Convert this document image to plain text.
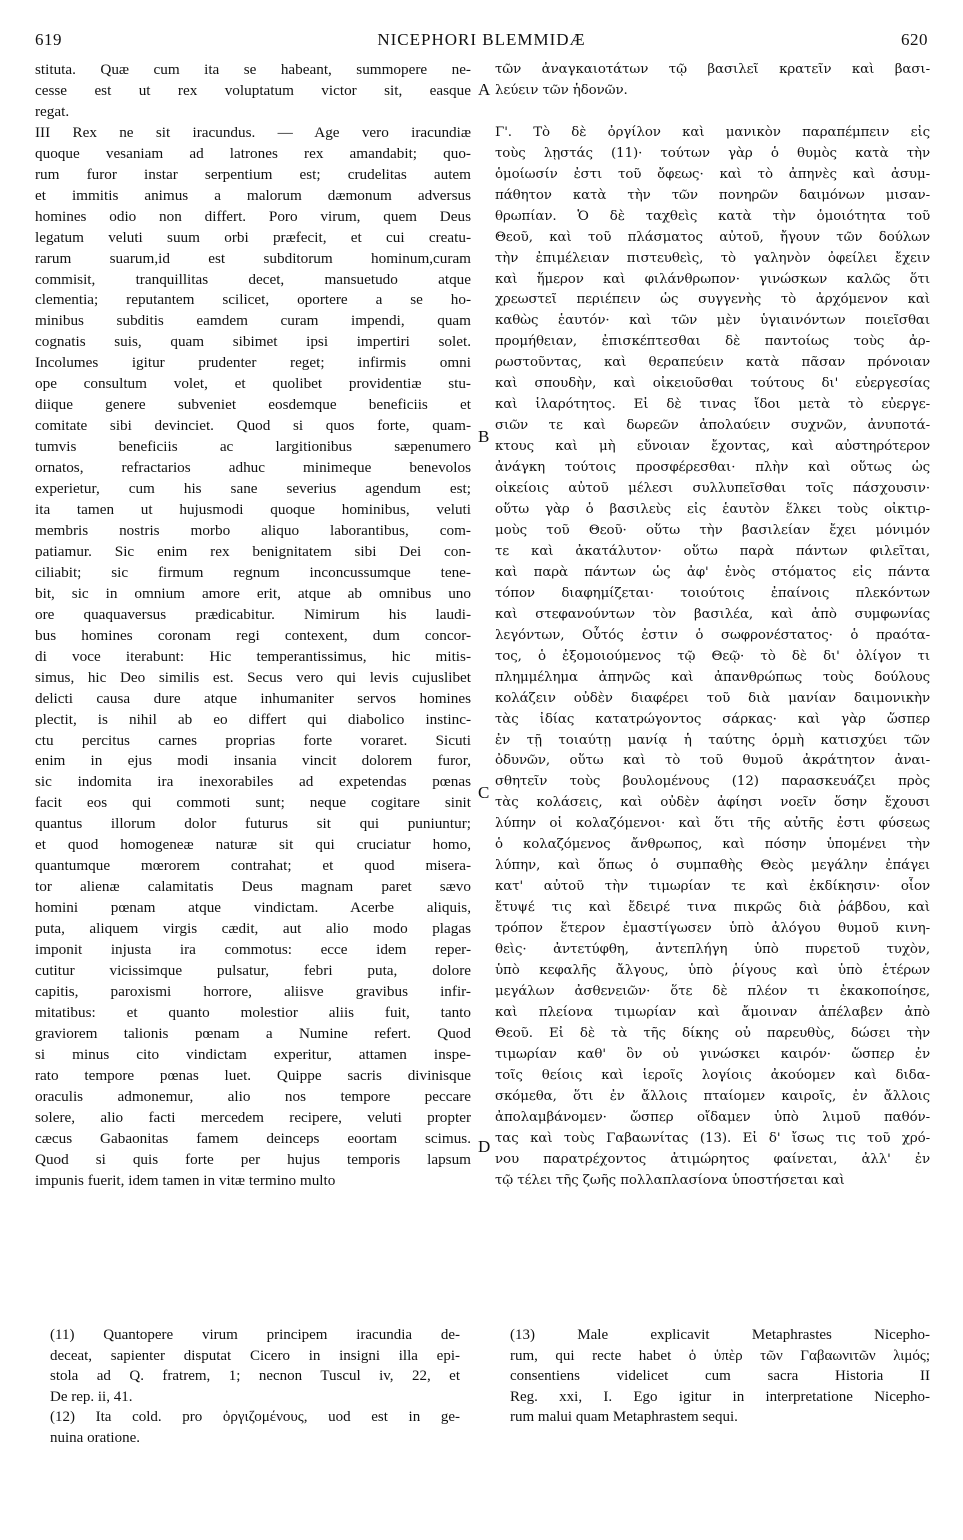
619	NICEPHORI BLEMMIDÆ	620
stituta. Quæ cum ita se habeant, summopere ne-
cesse est ut rex voluptatum victor sit, easque
regat.
III Rex ne sit iracundus. — Age vero iracundiæ
quoque vesaniam ad latrones rex amandabit; quo-
rum furor instar serpentium est; crudelitas autem
et immitis animus a malorum dæmonum adversus
homines odio non differt. Poro virum, quem Deus
legatum veluti suum orbi præfecit, et cui creatu-
rarum suarum,id est subditorum hominum,curam
commisit, tranquillitas decet, mansuetudo atque
clementia; reputantem scilicet, oportere a se ho-
minibus subditis eamdem curam impendi, quam
cognatis suis, quam sibimet ipsi impertiri solet.
Incolumes igitur prudenter reget; infirmis omni
ope consultum volet, et quolibet providentiæ stu-
diique genere subveniet eosdemque beneficiis et
comitate sibi devinciet. Quod si quos forte, quam-
tumvis beneficiis ac largitionibus sæpenumero
ornatos, refractarios adhuc minimeque benevolos
experietur, cum his sane severius agendum est;
ita tamen ut hujusmodi quoque hominibus, veluti
membris nostris morbo aliquo laborantibus, com-
patiamur. Sic enim rex benignitatem sibi Dei con-
ciliabit; sic firmum regnum inconcussumque tene-
bit, sic in omnium amore erit, atque ab omnibus uno
ore quaquaversus prædicabitur. Nimirum his laudi-
bus homines coronam regi contexent, dum concor-
di voce iterabunt: Hic temperantissimus, hic mitis-
simus, hic Deo similis est. Secus vero qui levis cujuslibet
delicti causa dure atque inhumaniter servos homines
plectit, is nihil ab eo differt qui diabolico instinc-
ctu percitus carnes proprias forte voraret. Sicuti
enim in ejus modi insania vincit dolorem furor,
sic indomita ira inexorabiles ad expetendas pœnas
facit eos qui commoti sunt; neque cogitare sinit
quantus illorum dolor futurus sit qui puniuntur;
et quod homogeneæ naturæ sit qui cruciatur homo,
quantumque mœrorem contrahat; et quod misera-
tor alienæ calamitatis Deus magnam paret sævo
homini pœnam atque vindictam. Acerbe aliquis,
puta, aliquem virgis cædit, aut alio modo plagas
imponit injusta ira commotus: ecce idem reper-
cutitur vicissimque pulsatur, febri puta, dolore
capitis, paroxismi horrore, aliisve gravibus infir-
mitatibus: et quanto molestior aliis fuit, tanto
graviorem talionis pœnam a Numine refert. Quod
si minus cito vindictam experitur, attamen inspe-
rato tempore pœnas luet. Quippe sacris divinisque
oraculis admonemur, alio nos tempore peccare
solere, alio facti mercedem recipere, veluti propter
cæcus Gabaonitas famem deinceps eoortam scimus.
Quod si quis forte per hujus temporis lapsum
impunis fuerit, idem tamen in vitæ termino multo
τῶν ἀναγκαιοτάτων τῷ βασιλεῖ κρατεῖν καὶ βασι-
λεύειν τῶν ἡδονῶν.

Γ'. Τὸ δὲ ὀργίλον καὶ μανικὸν παραπέμπειν εἰς
τοὺς λῃστάς (11)· τούτων γὰρ ὁ θυμὸς κατὰ τὴν
ὁμοίωσίν ἐστι τοῦ ὄφεως· καὶ τὸ ἀπηνὲς καὶ ἀσυμ-
πάθητον κατὰ τὴν τῶν πονηρῶν δαιμόνων μισαν-
θρωπίαν. Ὁ δὲ ταχθεὶς κατὰ τὴν ὁμοιότητα τοῦ
Θεοῦ, καὶ τοῦ πλάσματος αὐτοῦ, ἤγουν τῶν δούλων
τὴν ἐπιμέλειαν πιστευθεὶς, τὸ γαληνὸν ὀφείλει ἔχειν
καὶ ἥμερον καὶ φιλάνθρωπον· γινώσκων καλῶς ὅτι
χρεωστεῖ περιέπειν ὡς συγγενὴς τὸ ἀρχόμενον καὶ
καθὼς ἑαυτόν· καὶ τῶν μὲν ὑγιαινόντων ποιεῖσθαι
προμήθειαν, ἐπισκέπτεσθαι δὲ παντοίως τοὺς ἀρ-
ρωστοῦντας, καὶ θεραπεύειν κατὰ πᾶσαν πρόνοιαν
καὶ σπουδὴν, καὶ οἰκειοῦσθαι τούτους δι' εὐεργεσίας
καὶ ἱλαρότητος. Εἰ δὲ τινας ἴδοι μετὰ τὸ εὐεργε-
σιῶν τε καὶ δωρεῶν ἀπολαύειν συχνῶν, ἀνυποτά-
κτους καὶ μὴ εὔνοιαν ἔχοντας, καὶ αὐστηρότερον
ἀνάγκη τούτοις προσφέρεσθαι· πλὴν καὶ οὕτως ὡς
οἰκείοις αὐτοῦ μέλεσι συλλυπεῖσθαι τοῖς πάσχουσιν·
οὕτω γὰρ ὁ βασιλεὺς εἰς ἑαυτὸν ἕλκει τοὺς οἰκτιρ-
μοὺς τοῦ Θεοῦ· οὕτω τὴν βασιλείαν ἔχει μόνιμόν
τε καὶ ἀκατάλυτον· οὕτω παρὰ πάντων φιλεῖται,
καὶ παρὰ πάντων ὡς ἀφ' ἑνὸς στόματος εἰς πάντα
τόπον διαφημίζεται· τοιούτοις ἐπαίνοις πλεκόντων
καὶ στεφανούντων τὸν βασιλέα, καὶ ἀπὸ συμφωνίας
λεγόντων, Οὗτός ἐστιν ὁ σωφρονέστατος· ὁ πραότα-
τος, ὁ ἐξομοιούμενος τῷ Θεῷ· τὸ δὲ δι' ὀλίγον τι
πλημμέλημα ἀπηνῶς καὶ ἀπανθρώπως τοὺς δούλους
κολάζειν οὐδὲν διαφέρει τοῦ διὰ μανίαν δαιμονικὴν
τὰς ἰδίας κατατρώγοντος σάρκας· καὶ γὰρ ὥσπερ
ἐν τῇ τοιαύτῃ μανίᾳ ἡ ταύτης ὁρμὴ κατισχύει τῶν
ὀδυνῶν, οὕτω καὶ τὸ τοῦ θυμοῦ ἀκράτητον ἀναι-
σθητεῖν τοὺς βουλομένους (12) παρασκευάζει πρὸς
τὰς κολάσεις, καὶ οὐδὲν ἀφίησι νοεῖν ὅσην ἔχουσι
λύπην οἱ κολαζόμενοι· καὶ ὅτι τῆς αὐτῆς ἐστι φύσεως
ὁ κολαζόμενος ἄνθρωπος, καὶ πόσην ὑπομένει τὴν
λύπην, καὶ ὅπως ὁ συμπαθὴς Θεὸς μεγάλην ἐπάγει
κατ' αὐτοῦ τὴν τιμωρίαν τε καὶ ἐκδίκησιν· οἷον
ἔτυψέ τις καὶ ἔδειρέ τινα πικρῶς διὰ ῥάβδου, καὶ
τρόπον ἕτερον ἐμαστίγωσεν ὑπὸ ἀλόγου θυμοῦ κινη-
θεὶς· ἀντετύφθη, ἀντεπλήγη ὑπὸ πυρετοῦ τυχὸν,
ὑπὸ κεφαλῆς ἄλγους, ὑπὸ ῥίγους καὶ ὑπὸ ἑτέρων
μεγάλων ἀσθενειῶν· ὅτε δὲ πλέον τι ἐκακοποίησε,
καὶ πλείονα τιμωρίαν καὶ ἄμοιναν ἀπέλαβεν ἀπὸ
Θεοῦ. Εἰ δὲ τὰ τῆς δίκης οὐ παρευθὺς, δώσει τὴν
τιμωρίαν καθ' ὃν οὐ γινώσκει καιρόν· ὥσπερ ἐν
τοῖς θείοις καὶ ἱεροῖς λογίοις ἀκούομεν καὶ διδα-
σκόμεθα, ὅτι ἐν ἄλλοις πταίομεν καιροῖς, ἐν ἄλλοις
ἀπολαμβάνομεν· ὥσπερ οἴδαμεν ὑπὸ λιμοῦ παθόν-
τας καὶ τοὺς Γαβαωνίτας (13). Εἰ δ' ἴσως τις τοῦ χρό-
νου παρατρέχοντος ἀτιμώρητος φαίνεται, ἀλλ' ἐν
τῷ τέλει τῆς ζωῆς πολλαπλασίονα ὑποστήσεται καὶ
A
B
C
D
(11) Quantopere virum principem iracundia de-
deceat, sapienter disputat Cicero in insigni illa epi-
stola ad Q. fratrem, 1; necnon Tuscul iv, 22, et
De rep. ii, 41.
(12) Ita cold. pro ὀργιζομένους, uod est in ge-
nuina oratione.
(13) Male explicavit Metaphrastes Nicepho-
rum, qui recte habet ὁ ὑπὲρ τῶν Γαβαωνιτῶν λιμός;
consentiens videlicet cum sacra Historia II
Reg. xxi, I. Ego igitur in interpretatione Nicepho-
rum malui quam Metaphrastem sequi.
